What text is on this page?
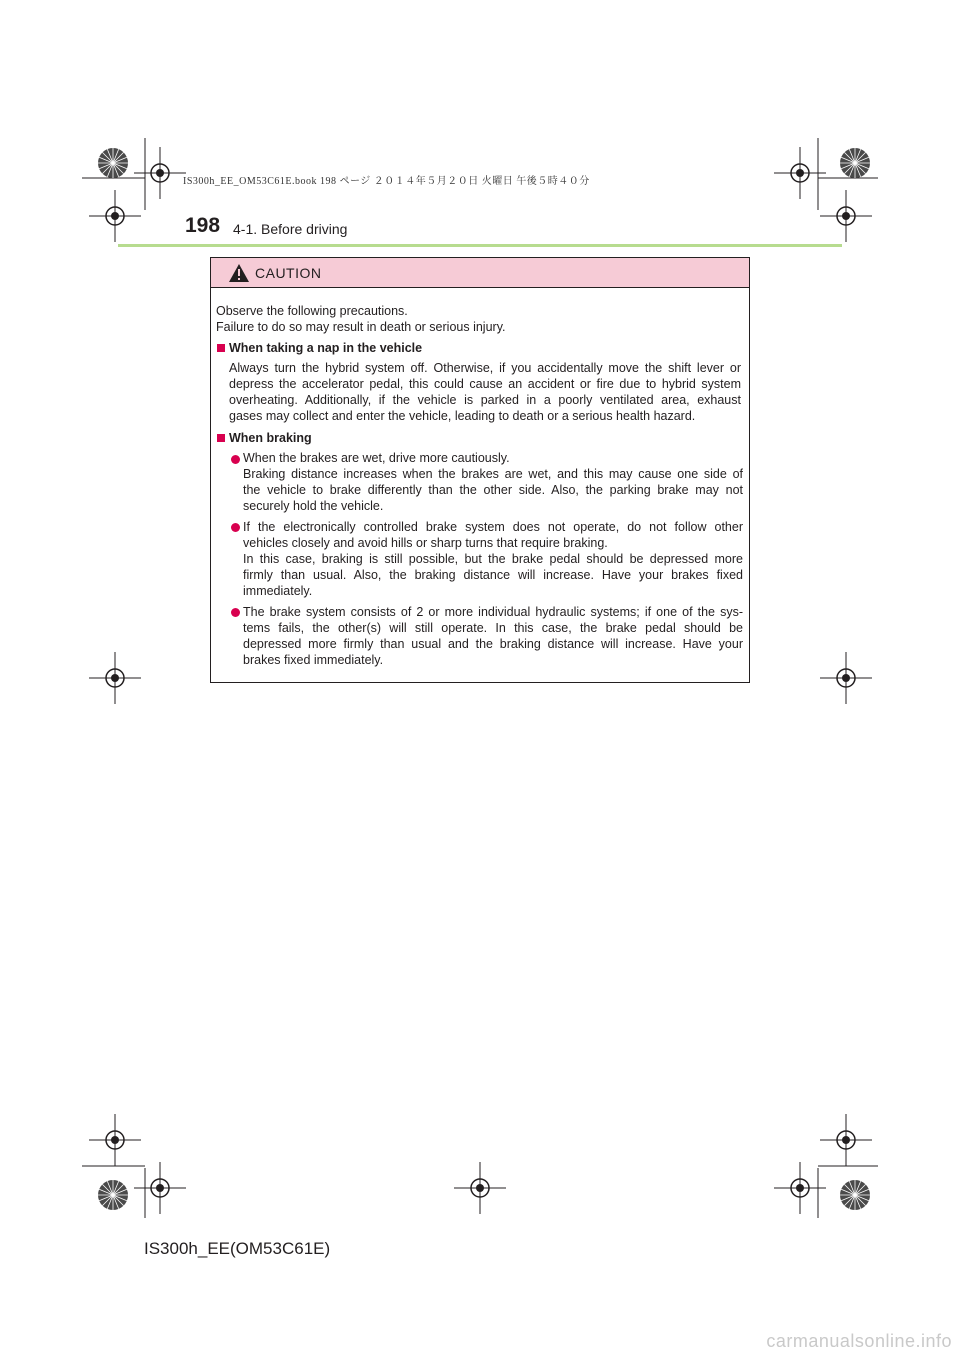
IS300h_EE_OM53C61E.book 198 ページ ２０１４年５月２０日 火曜日 午後５時４０分
198 4-1. Before driving
CAUTION
Observe the following precautions.
Failure to do so may result in death or serious injury.
When taking a nap in the vehicle
Always turn the hybrid system off. Otherwise, if you accidentally move the shift lever or
depress the accelerator pedal, this could cause an accident or fire due to hybrid system
overheating. Additionally, if the vehicle is parked in a poorly ventilated area, exhaust
gases may collect and enter the vehicle, leading to death or a serious health hazard.
When braking
When the brakes are wet, drive more cautiously.
Braking distance increases when the brakes are wet, and this may cause one side of
the vehicle to brake differently than the other side. Also, the parking brake may not
securely hold the vehicle.
If the electronically controlled brake system does not operate, do not follow other
vehicles closely and avoid hills or sharp turns that require braking.
In this case, braking is still possible, but the brake pedal should be depressed more
firmly than usual. Also, the braking distance will increase. Have your brakes fixed
immediately.
The brake system consists of 2 or more individual hydraulic systems; if one of the sys-
tems fails, the other(s) will still operate. In this case, the brake pedal should be
depressed more firmly than usual and the braking distance will increase. Have your
brakes fixed immediately.
IS300h_EE(OM53C61E)
carmanualsonline.info
